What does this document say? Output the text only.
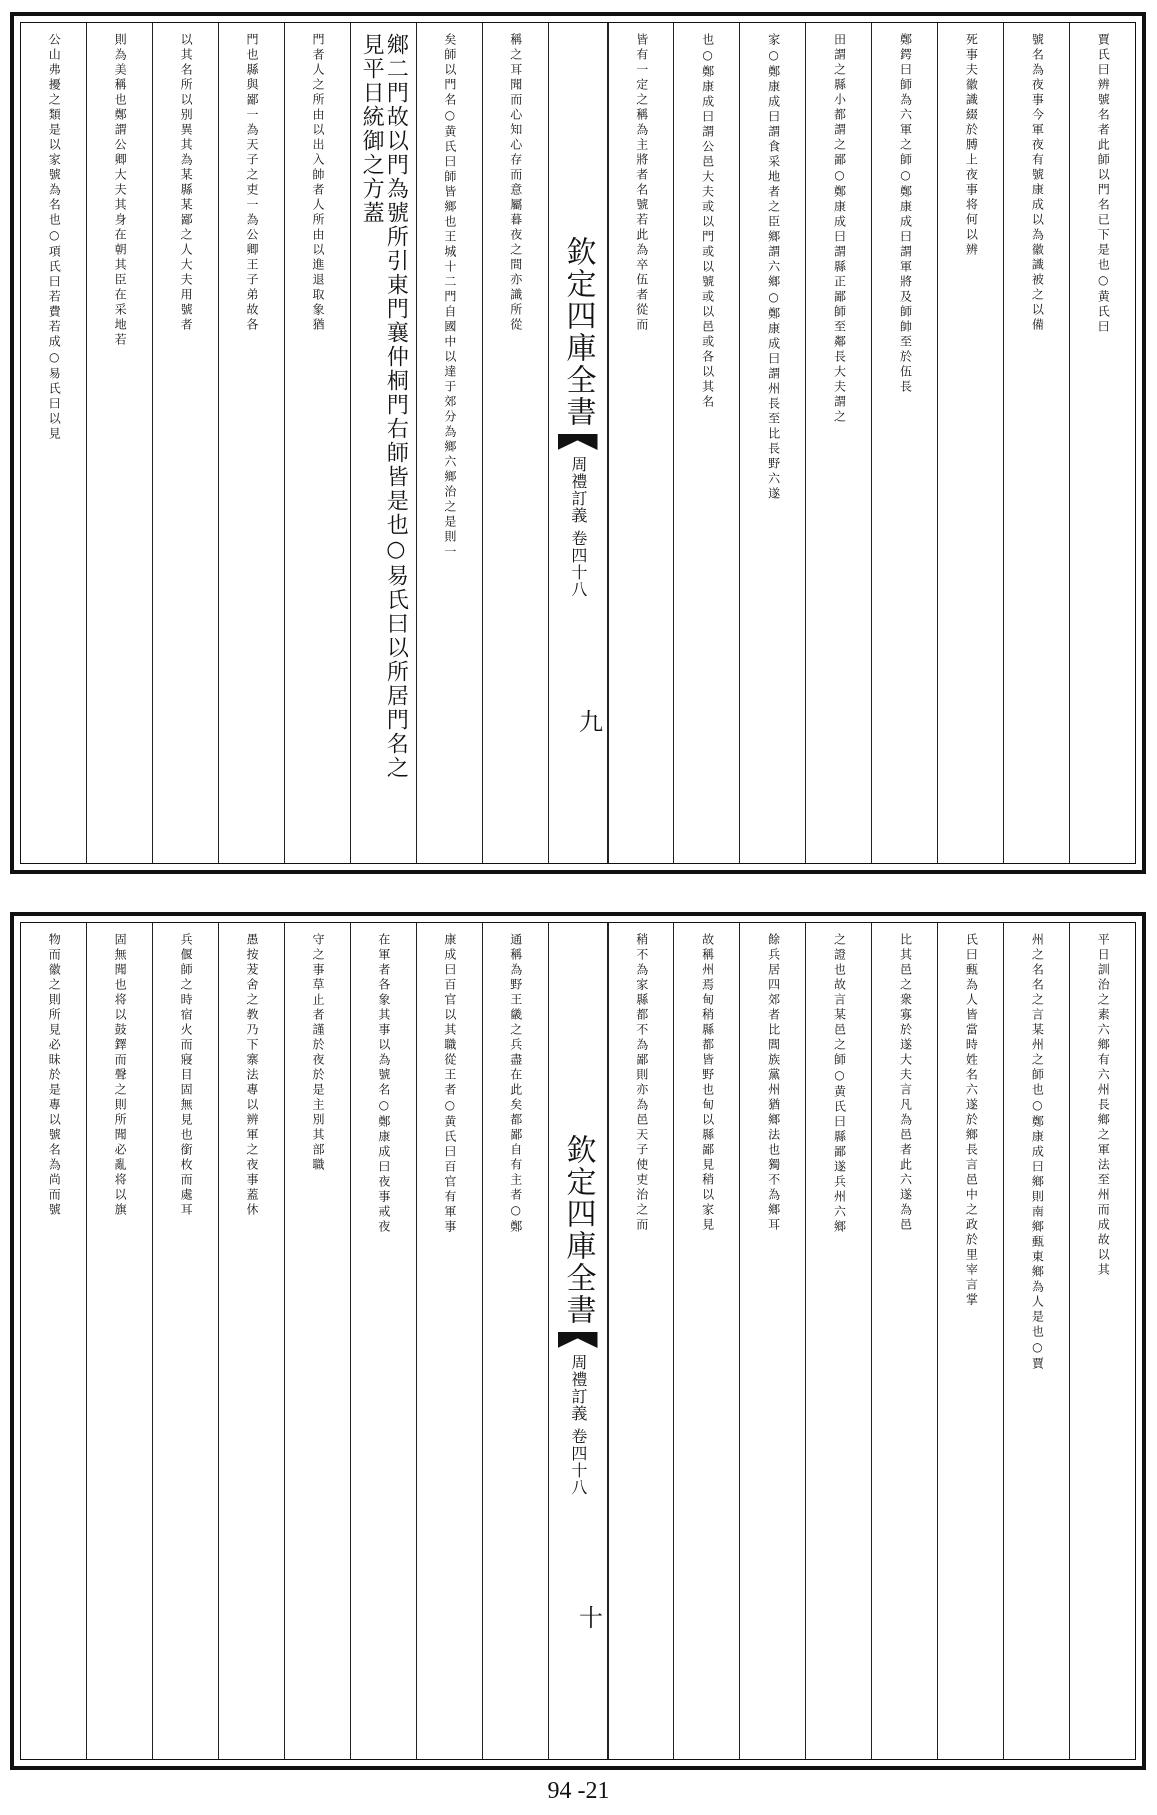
賈氏曰辨號名者此師以門名已下是也○黄氏曰
號名為夜事今軍夜有號康成以為徽識被之以備
死事夫徽識綴於膊上夜事将何以辨
鄭鍔曰師為六軍之師○鄭康成曰謂軍將及師帥至於伍長
田謂之縣小都謂之鄙○鄭康成曰謂縣正鄙師至鄰長大夫謂之
家○鄭康成曰謂食采地者之臣鄉謂六鄉○鄭康成曰謂州長至比長野六遂
也○鄭康成曰謂公邑大夫或以門或以號或以邑或各以其名
皆有一定之稱為主將者名號若此為卒伍者從而
欽定四庫全書
周禮訂義 卷四十八
九
稱之耳聞而心知心存而意屬暮夜之間亦識所從
矣師以門名○黄氏曰師皆鄉也王城十二門自國中以達于郊分為鄉六鄉治之是則一
鄉二門故以門為號所引東門襄仲桐門右師皆是也○易氏曰以所居門名之見平日統御之方蓋
門者人之所由以出入帥者人所由以進退取象猶
門也縣與鄙一為天子之吏一為公卿王子弟故各
以其名所以别異其為某縣某鄙之人大夫用號者
則為美稱也鄭謂公卿大夫其身在朝其臣在采地若
公山弗擾之類是以家號為名也○項氏曰若費若成○易氏曰以見
平日訓治之素六鄉有六州長鄉之軍法至州而成故以其
州之名名之言某州之師也○鄭康成曰鄉則南鄉甀東鄉為人是也○賈
氏曰甀為人皆當時姓名六遂於鄉長言邑中之政於里宰言掌
比其邑之衆寡於遂大夫言凡為邑者此六遂為邑
之證也故言某邑之師○黄氏曰縣鄙遂兵州六鄉
餘兵居四郊者比閭族黨州猶鄉法也獨不為鄉耳
故稱州焉甸稍縣都皆野也甸以縣鄙見稍以家見
稍不為家縣都不為鄙則亦為邑天子使吏治之而
欽定四庫全書
周禮訂義 卷四十八
十
通稱為野王畿之兵盡在此矣都鄙自有主者○鄭
康成曰百官以其職從王者○黄氏曰百官有軍事
在軍者各象其事以為號名○鄭康成曰夜事戒夜
守之事草止者謹於夜於是主別其部職
愚按茇舍之教乃下寨法專以辨軍之夜事蓋休
兵偃師之時宿火而寢目固無見也銜枚而處耳
固無聞也将以鼓鐸而聲之則所聞必亂将以旗
物而徽之則所見必昧於是專以號名為尚而號
94 -21
